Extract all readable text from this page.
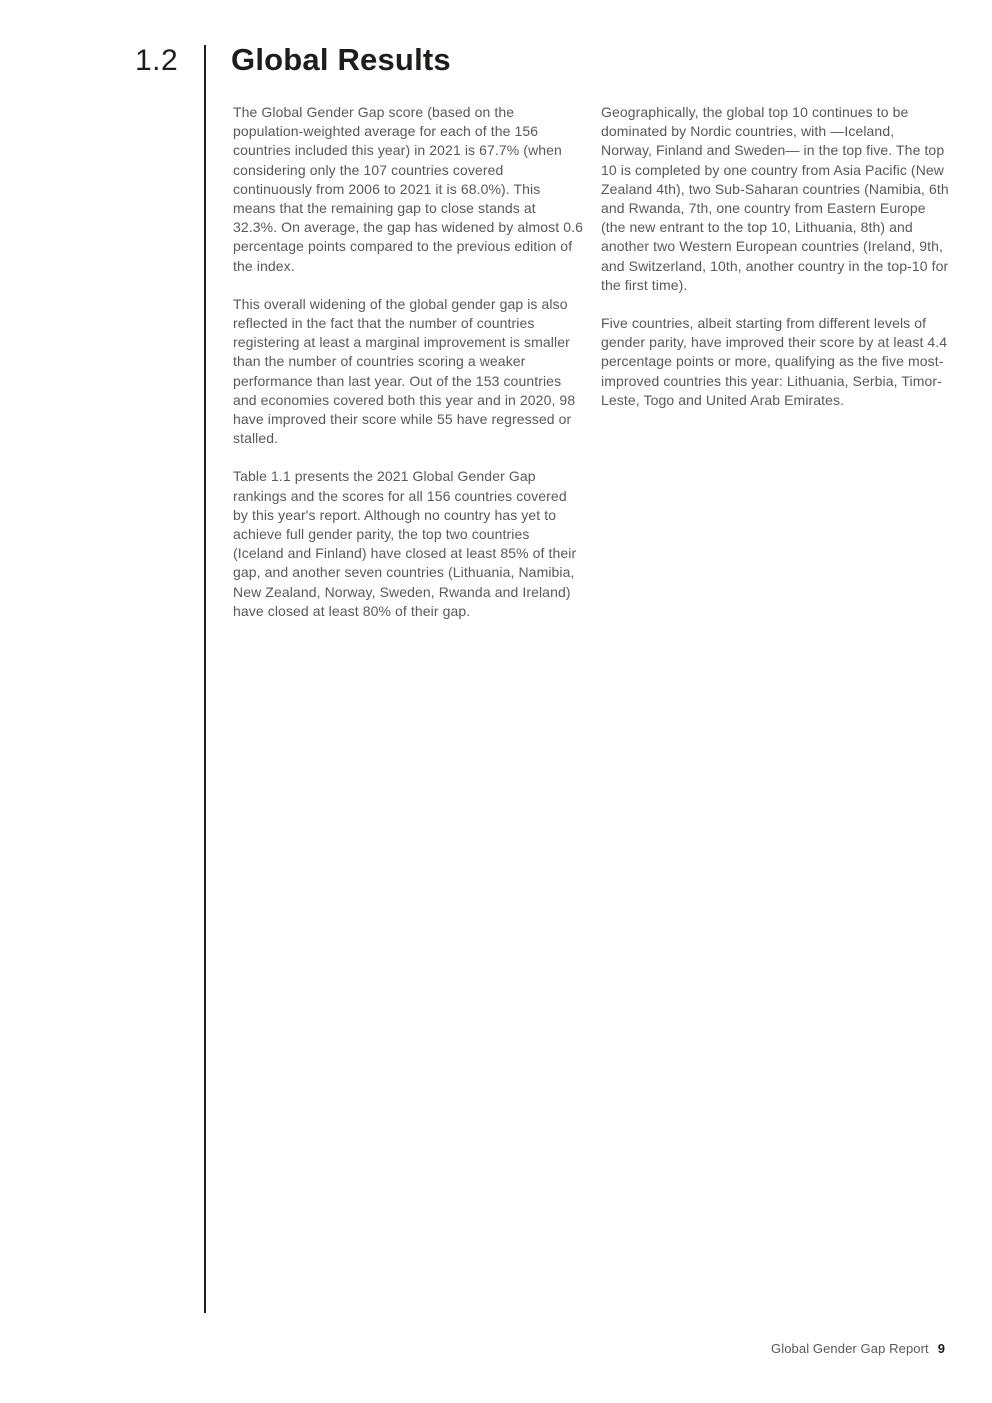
1.2 Global Results

The Global Gender Gap score (based on the population-weighted average for each of the 156 countries included this year) in 2021 is 67.7% (when considering only the 107 countries covered continuously from 2006 to 2021 it is 68.0%). This means that the remaining gap to close stands at 32.3%. On average, the gap has widened by almost 0.6 percentage points compared to the previous edition of the index.

This overall widening of the global gender gap is also reflected in the fact that the number of countries registering at least a marginal improvement is smaller than the number of countries scoring a weaker performance than last year. Out of the 153 countries and economies covered both this year and in 2020, 98 have improved their score while 55 have regressed or stalled.

Table 1.1 presents the 2021 Global Gender Gap rankings and the scores for all 156 countries covered by this year's report. Although no country has yet to achieve full gender parity, the top two countries (Iceland and Finland) have closed at least 85% of their gap, and another seven countries (Lithuania, Namibia, New Zealand, Norway, Sweden, Rwanda and Ireland) have closed at least 80% of their gap.

Geographically, the global top 10 continues to be dominated by Nordic countries, with —Iceland, Norway, Finland and Sweden— in the top five. The top 10 is completed by one country from Asia Pacific (New Zealand 4th), two Sub-Saharan countries (Namibia, 6th and Rwanda, 7th, one country from Eastern Europe (the new entrant to the top 10, Lithuania, 8th) and another two Western European countries (Ireland, 9th, and Switzerland, 10th, another country in the top-10 for the first time).

Five countries, albeit starting from different levels of gender parity, have improved their score by at least 4.4 percentage points or more, qualifying as the five most-improved countries this year: Lithuania, Serbia, Timor-Leste, Togo and United Arab Emirates.

Global Gender Gap Report 9
